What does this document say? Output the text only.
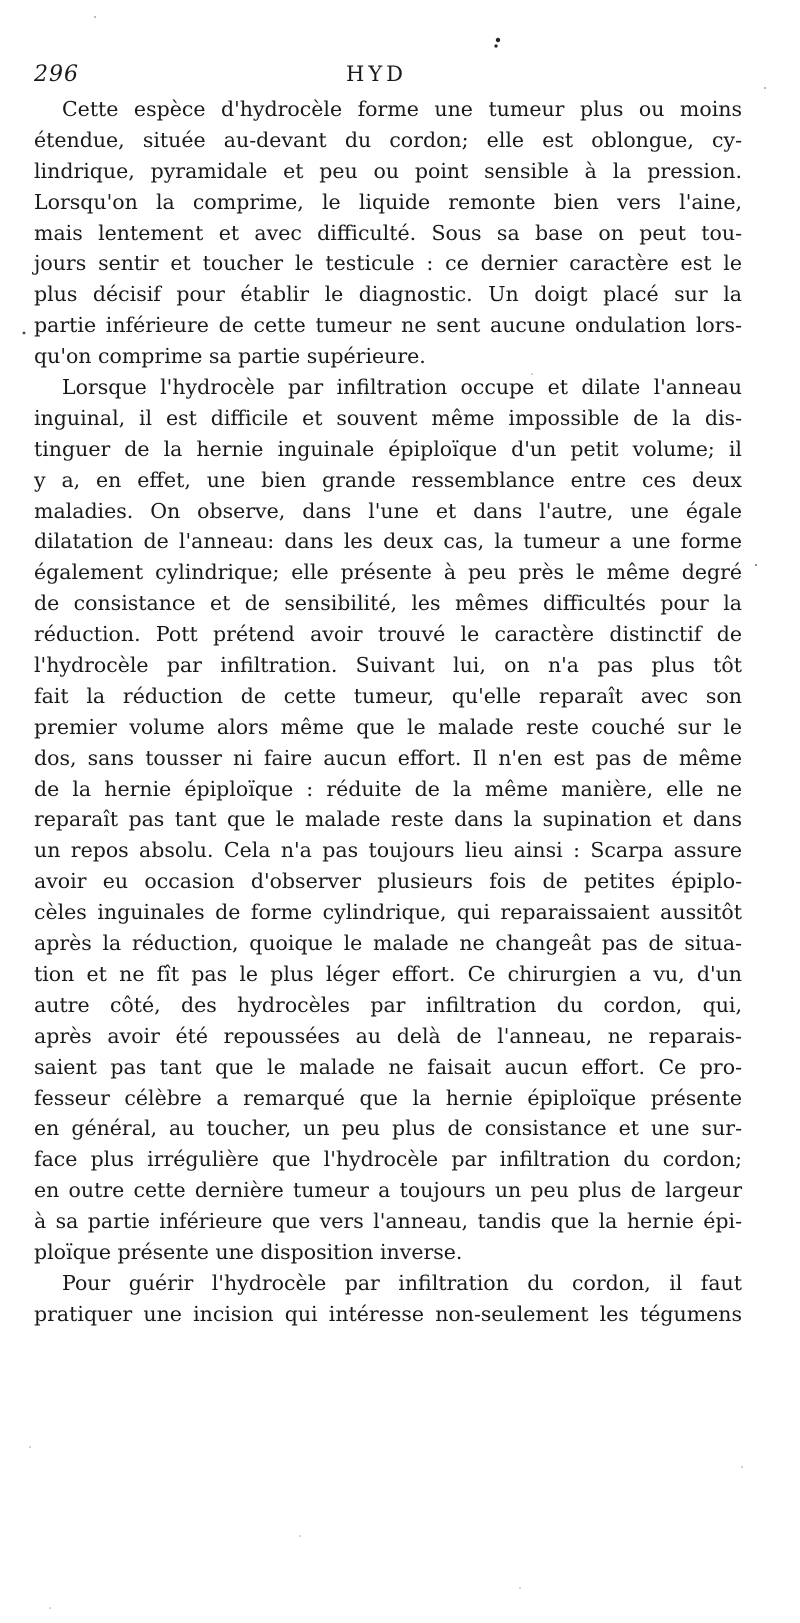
296	HYD
Cette espèce d'hydrocèle forme une tumeur plus ou moins
étendue, située au-devant du cordon; elle est oblongue, cy-
lindrique, pyramidale et peu ou point sensible à la pression.
Lorsqu'on la comprime, le liquide remonte bien vers l'aine,
mais lentement et avec difficulté. Sous sa base on peut tou-
jours sentir et toucher le testicule : ce dernier caractère est le
plus décisif pour établir le diagnostic. Un doigt placé sur la
partie inférieure de cette tumeur ne sent aucune ondulation lors-
qu'on comprime sa partie supérieure.
Lorsque l'hydrocèle par infiltration occupe et dilate l'anneau
inguinal, il est difficile et souvent même impossible de la dis-
tinguer de la hernie inguinale épiploïque d'un petit volume; il
y a, en effet, une bien grande ressemblance entre ces deux
maladies. On observe, dans l'une et dans l'autre, une égale
dilatation de l'anneau: dans les deux cas, la tumeur a une forme
également cylindrique; elle présente à peu près le même degré
de consistance et de sensibilité, les mêmes difficultés pour la
réduction. Pott prétend avoir trouvé le caractère distinctif de
l'hydrocèle par infiltration. Suivant lui, on n'a pas plus tôt
fait la réduction de cette tumeur, qu'elle reparaît avec son
premier volume alors même que le malade reste couché sur le
dos, sans tousser ni faire aucun effort. Il n'en est pas de même
de la hernie épiploïque : réduite de la même manière, elle ne
reparaît pas tant que le malade reste dans la supination et dans
un repos absolu. Cela n'a pas toujours lieu ainsi : Scarpa assure
avoir eu occasion d'observer plusieurs fois de petites épiplo-
cèles inguinales de forme cylindrique, qui reparaissaient aussitôt
après la réduction, quoique le malade ne changeât pas de situa-
tion et ne fît pas le plus léger effort. Ce chirurgien a vu, d'un
autre côté, des hydrocèles par infiltration du cordon, qui,
après avoir été repoussées au delà de l'anneau, ne reparais-
saient pas tant que le malade ne faisait aucun effort. Ce pro-
fesseur célèbre a remarqué que la hernie épiploïque présente
en général, au toucher, un peu plus de consistance et une sur-
face plus irrégulière que l'hydrocèle par infiltration du cordon;
en outre cette dernière tumeur a toujours un peu plus de largeur
à sa partie inférieure que vers l'anneau, tandis que la hernie épi-
ploïque présente une disposition inverse.
Pour guérir l'hydrocèle par infiltration du cordon, il faut
pratiquer une incision qui intéresse non-seulement les tégumens
